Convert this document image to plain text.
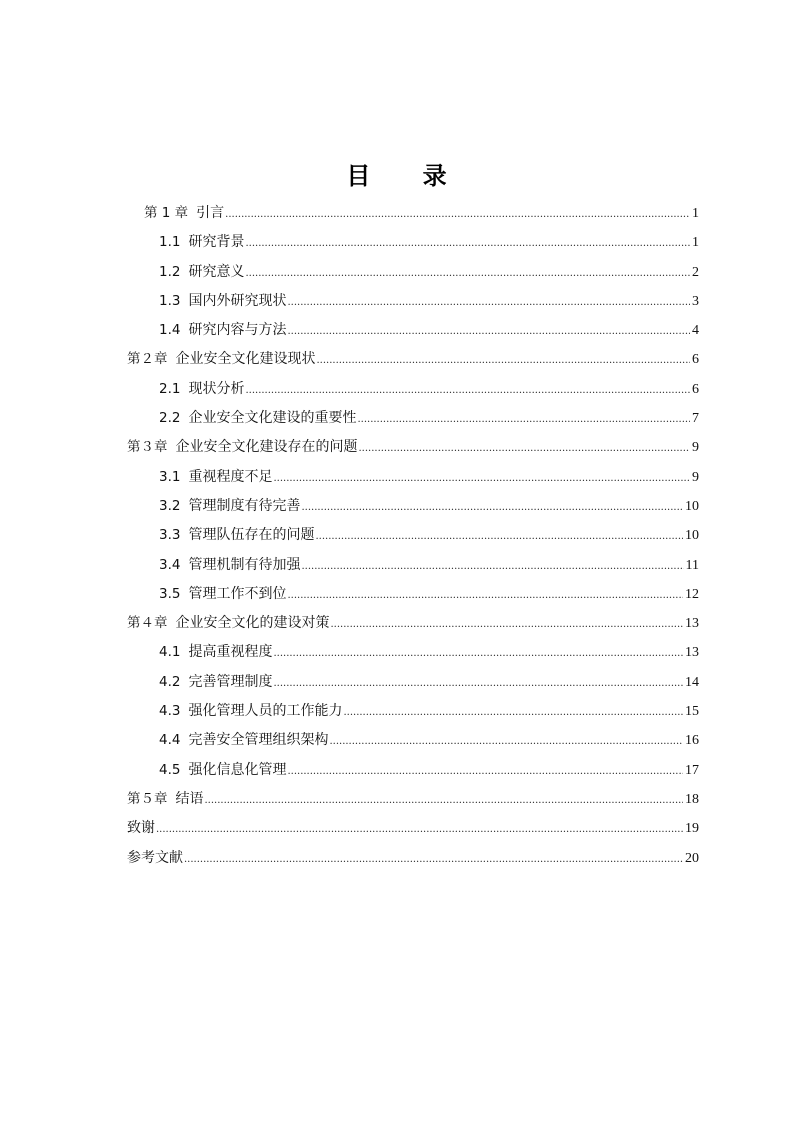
目 录
第 1 章 引言 .....	1
1.1 研究背景 .....	1
1.2 研究意义 .....	2
1.3 国内外研究现状 .....	3
1.4 研究内容与方法 .....	4
第２章 企业安全文化建设现状 .....	6
2.1 现状分析 .....	6
2.2 企业安全文化建设的重要性 .....	7
第３章 企业安全文化建设存在的问题 .....	9
3.1 重视程度不足 .....	9
3.2 管理制度有待完善 .....	10
3.3 管理队伍存在的问题 .....	10
3.4 管理机制有待加强 .....	11
3.5 管理工作不到位 .....	12
第４章 企业安全文化的建设对策 .....	13
4.1 提高重视程度 .....	13
4.2 完善管理制度 .....	14
4.3 强化管理人员的工作能力 .....	15
4.4 完善安全管理组织架构 .....	16
4.5 强化信息化管理 .....	17
第５章 结语 .....	18
致谢 .....	19
参考文献 .....	20
